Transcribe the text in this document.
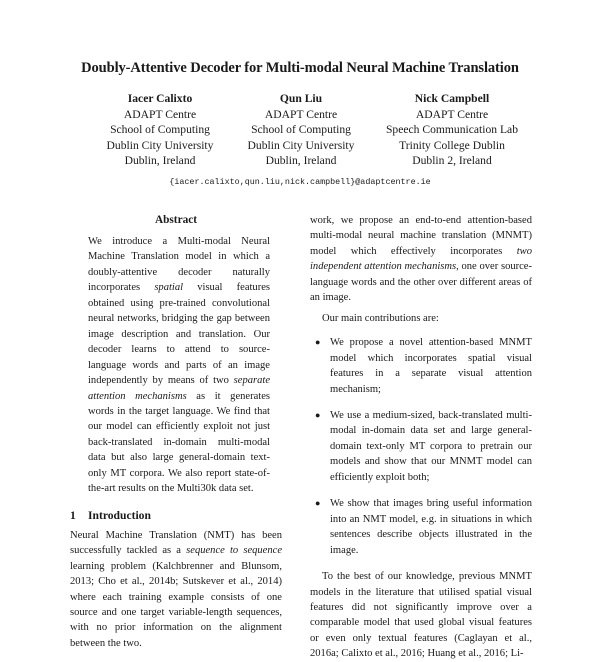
Doubly-Attentive Decoder for Multi-modal Neural Machine Translation
Iacer Calixto
ADAPT Centre
School of Computing
Dublin City University
Dublin, Ireland
Qun Liu
ADAPT Centre
School of Computing
Dublin City University
Dublin, Ireland
Nick Campbell
ADAPT Centre
Speech Communication Lab
Trinity College Dublin
Dublin 2, Ireland
{iacer.calixto,qun.liu,nick.campbell}@adaptcentre.ie
Abstract

We introduce a Multi-modal Neural Machine Translation model in which a doubly-attentive decoder naturally incorporates spatial visual features obtained using pre-trained convolutional neural networks, bridging the gap between image description and translation. Our decoder learns to attend to source-language words and parts of an image independently by means of two separate attention mechanisms as it generates words in the target language. We find that our model can efficiently exploit not just back-translated in-domain multi-modal data but also large general-domain text-only MT corpora. We also report state-of-the-art results on the Multi30k data set.

1 Introduction

Neural Machine Translation (NMT) has been successfully tackled as a sequence to sequence learning problem (Kalchbrenner and Blunsom, 2013; Cho et al., 2014b; Sutskever et al., 2014) where each training example consists of one source and one target variable-length sequences, with no prior information on the alignment between the two.

work, we propose an end-to-end attention-based multi-modal neural machine translation (MNMT) model which effectively incorporates two independent attention mechanisms, one over source-language words and the other over different areas of an image.

Our main contributions are:

● We propose a novel attention-based MNMT model which incorporates spatial visual features in a separate visual attention mechanism;
● We use a medium-sized, back-translated multi-modal in-domain data set and large general-domain text-only MT corpora to pretrain our models and show that our MNMT model can efficiently exploit both;
● We show that images bring useful information into an NMT model, e.g. in situations in which sentences describe objects illustrated in the image.

To the best of our knowledge, previous MNMT models in the literature that utilised spatial visual features did not significantly improve over a comparable model that used global visual features or even only textual features (Caglayan et al., 2016a; Calixto et al., 2016; Huang et al., 2016; Li-
